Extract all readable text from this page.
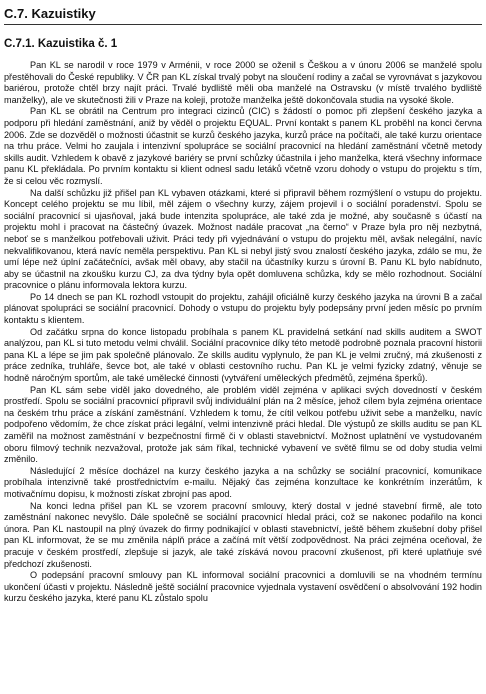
C.7. Kazuistiky
C.7.1. Kazuistika č. 1

Pan KL se narodil v roce 1979 v Arménii, v roce 2000 se oženil s Češkou a v únoru 2006 se manželé spolu přestěhovali do České republiky. V ČR pan KL získal trvalý pobyt na sloučení rodiny a začal se vyrovnávat s jazykovou bariérou, protože chtěl brzy najít práci. Trvalé bydliště měli oba manželé na Ostravsku (v místě trvalého bydliště manželky), ale ve skutečnosti žili v Praze na koleji, protože manželka ještě dokončovala studia na vysoké škole.

Pan KL se obrátil na Centrum pro integraci cizinců (CIC) s žádostí o pomoc při zlepšení českého jazyka a podporu při hledání zaměstnání, aniž by věděl o projektu EQUAL. První kontakt s panem KL proběhl na konci června 2006. Zde se dozvěděl o možnosti účastnit se kurzů českého jazyka, kurzů práce na počítači, ale také kurzu orientace na trhu práce. Velmi ho zaujala i intenzivní spolupráce se sociální pracovnicí na hledání zaměstnání včetně metody skills audit. Vzhledem k obavě z jazykové bariéry se první schůzky účastnila i jeho manželka, která všechny informace panu KL překládala. Po prvním kontaktu si klient odnesl sadu letáků včetně vzoru dohody o vstupu do projektu s tím, že si celou věc rozmyslí.

Na další schůzku již přišel pan KL vybaven otázkami, které si připravil během rozmýšlení o vstupu do projektu. Koncept celého projektu se mu líbil, měl zájem o všechny kurzy, zájem projevil i o sociální poradenství. Spolu se sociální pracovnicí si ujasňoval, jaká bude intenzita spolupráce, ale také zda je možné, aby současně s účastí na projektu mohl i pracovat na částečný úvazek. Možnost nadále pracovat „na černo“ v Praze byla pro něj nezbytná, neboť se s manželkou potřebovali uživit. Práci tedy při vyjednávání o vstupu do projektu měl, avšak nelegální, navíc nekvalifikovanou, která navíc neměla perspektivu. Pan KL si nebyl jistý svou znalostí českého jazyka, zdálo se mu, že umí lépe než úplní začátečníci, avšak měl obavy, aby stačil na účastníky kurzu s úrovní B. Panu KL bylo nabídnuto, aby se účastnil na zkoušku kurzu CJ, za dva týdny byla opět domluvena schůzka, kdy se mělo rozhodnout. Sociální pracovnice o plánu informovala lektora kurzu.

Po 14 dnech se pan KL rozhodl vstoupit do projektu, zahájil oficiálně kurzy českého jazyka na úrovni B a začal plánovat spolupráci se sociální pracovnicí. Dohody o vstupu do projektu byly podepsány první jeden měsíc po prvním kontaktu s klientem.

Od začátku srpna do konce listopadu probíhala s panem KL pravidelná setkání nad skills auditem a SWOT analýzou, pan KL si tuto metodu velmi chválil. Sociální pracovnice díky této metodě podrobně poznala pracovní historii pana KL a lépe se jim pak společně plánovalo. Ze skills auditu vyplynulo, že pan KL je velmi zručný, má zkušenosti z práce zedníka, truhláře, ševce bot, ale také v oblasti cestovního ruchu. Pan KL je velmi fyzicky zdatný, věnuje se hodně náročným sportům, ale také umělecké činnosti (vytváření uměleckých předmětů, zejména šperků).

Pan KL sám sebe viděl jako dovedného, ale problém viděl zejména v aplikaci svých dovedností v českém prostředí. Spolu se sociální pracovnicí připravil svůj individuální plán na 2 měsíce, jehož cílem byla zejména orientace na českém trhu práce a získání zaměstnání. Vzhledem k tomu, že cítil velkou potřebu uživit sebe a manželku, navíc podpořeno vědomím, že chce získat práci legální, velmi intenzivně práci hledal. Dle výstupů ze skills auditu se pan KL zaměřil na možnost zaměstnání v bezpečnostní firmě či v oblasti stavebnictví. Možnost uplatnění ve vystudovaném oboru filmový technik nezvažoval, protože jak sám říkal, technické vybavení ve světě filmu se od doby studia velmi změnilo.

Následující 2 měsíce docházel na kurzy českého jazyka a na schůzky se sociální pracovnicí, komunikace probíhala intenzivně také prostřednictvím e-mailu. Nějaký čas zejména konzultace ke konkrétním inzerátům, k motivačnímu dopisu, k možnosti získat zbrojní pas apod.

Na konci ledna přišel pan KL se vzorem pracovní smlouvy, který dostal v jedné stavební firmě, ale toto zaměstnání nakonec nevyšlo. Dále společně se sociální pracovnicí hledal práci, což se nakonec podařilo na konci února. Pan KL nastoupil na plný úvazek do firmy podnikající v oblasti stavebnictví, ještě během zkušební doby přišel pan KL informovat, že se mu změnila náplň práce a začíná mít větší zodpovědnost. Na práci zejména oceňoval, že pracuje v českém prostředí, zlepšuje si jazyk, ale také získává novou pracovní zkušenost, při které uplatňuje své předchozí zkušenosti.

O podepsání pracovní smlouvy pan KL informoval sociální pracovnici a domluvili se na vhodném termínu ukončení účasti v projektu. Následně ještě sociální pracovnice vyjednala vystavení osvědčení o absolvování 192 hodin kurzu českého jazyka, které panu KL zůstalo spolu
